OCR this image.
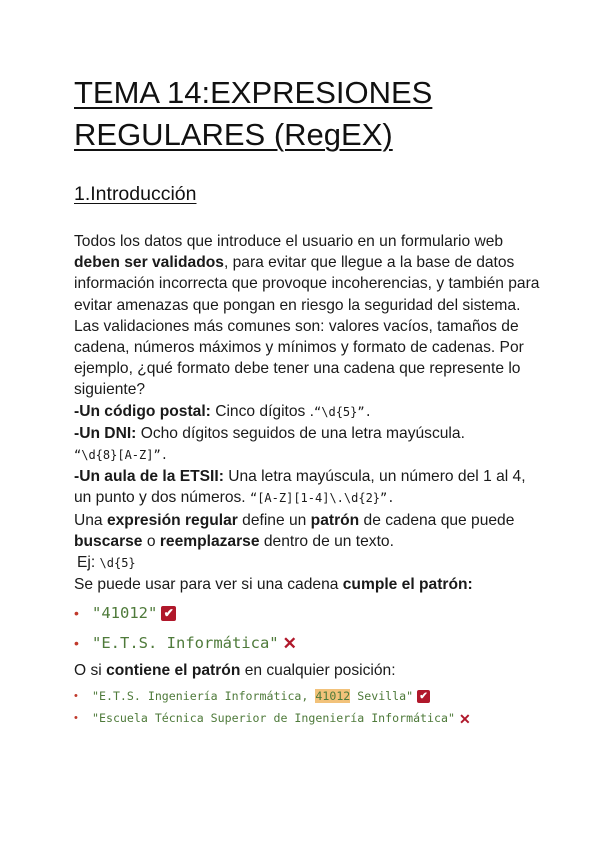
TEMA 14:EXPRESIONES
REGULARES (RegEX)
1.Introducción

Todos los datos que introduce el usuario en un formulario web deben ser validados, para evitar que llegue a la base de datos información incorrecta que provoque incoherencias, y también para evitar amenazas que pongan en riesgo la seguridad del sistema.

Las validaciones más comunes son: valores vacíos, tamaños de cadena, números máximos y mínimos y formato de cadenas. Por ejemplo, ¿qué formato debe tener una cadena que represente lo siguiente?

-Un código postal: Cinco dígitos .“\d{5}”.

-Un DNI: Ocho dígitos seguidos de una letra mayúscula.
“\d{8}[A-Z]”.

-Un aula de la ETSII: Una letra mayúscula, un número del 1 al 4, un punto y dos números. “[A-Z][1-4]\.\d{2}”.

Una expresión regular define un patrón de cadena que puede buscarse o reemplazarse dentro de un texto.

Ej: \d{5}

Se puede usar para ver si una cadena cumple el patrón:

• "41012" ✔
• "E.T.S. Informática" ✕

O si contiene el patrón en cualquier posición:

• "E.T.S. Ingeniería Informática, 41012 Sevilla" ✔
• "Escuela Técnica Superior de Ingeniería Informática" ✕
